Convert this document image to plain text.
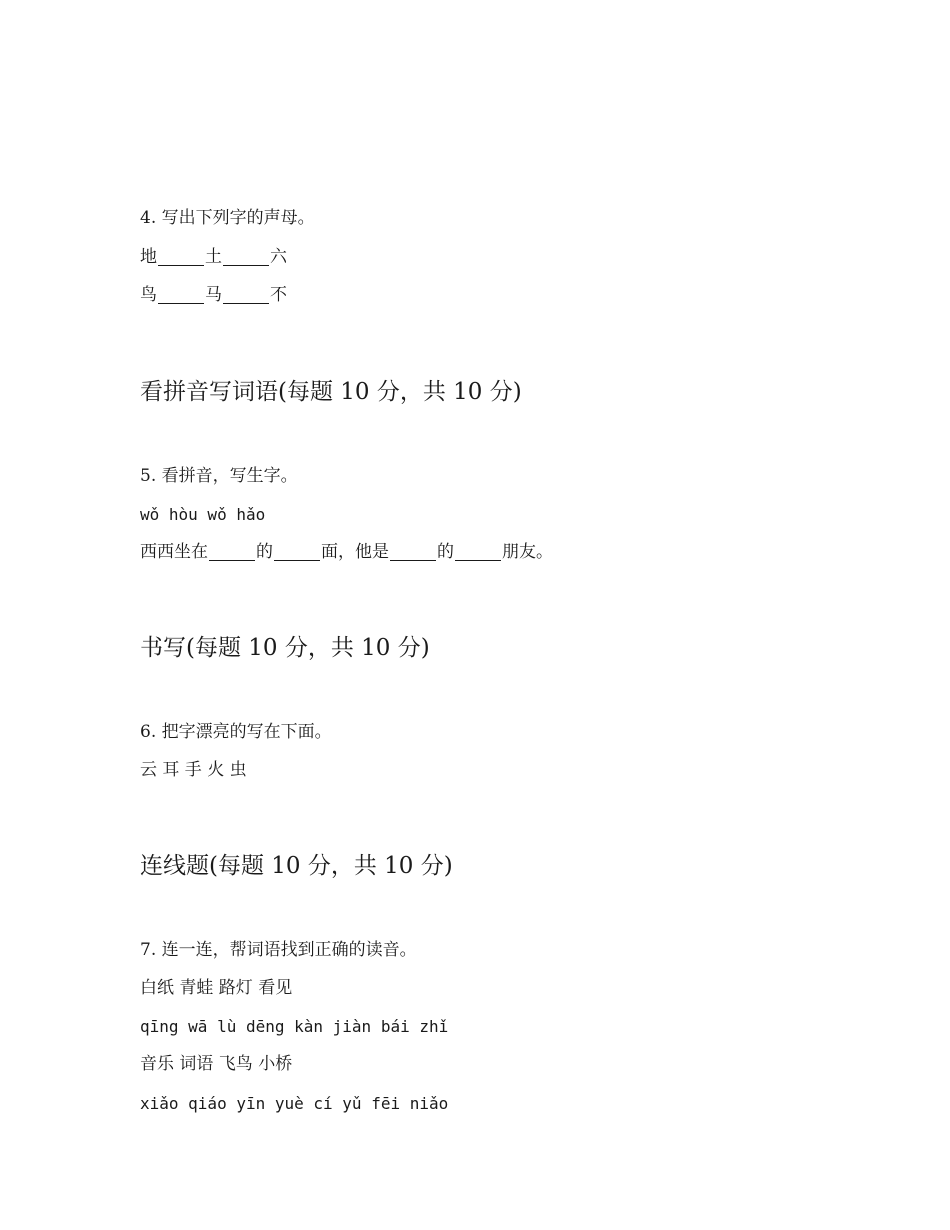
4. 写出下列字的声母。
地	土	六
鸟	马	不
看拼音写词语(每题 10 分，共 10 分)
5. 看拼音，写生字。
wǒ hòu wǒ hǎo
西西坐在	的	面，他是	的	朋友。
书写(每题 10 分，共 10 分)
6. 把字漂亮的写在下面。
云 耳 手 火 虫
连线题(每题 10 分，共 10 分)
7. 连一连，帮词语找到正确的读音。
白纸 青蛙 路灯 看见
qīng wā lù dēng kàn jiàn bái zhǐ
音乐 词语 飞鸟 小桥
xiǎo qiáo yīn yuè cí yǔ fēi niǎo
